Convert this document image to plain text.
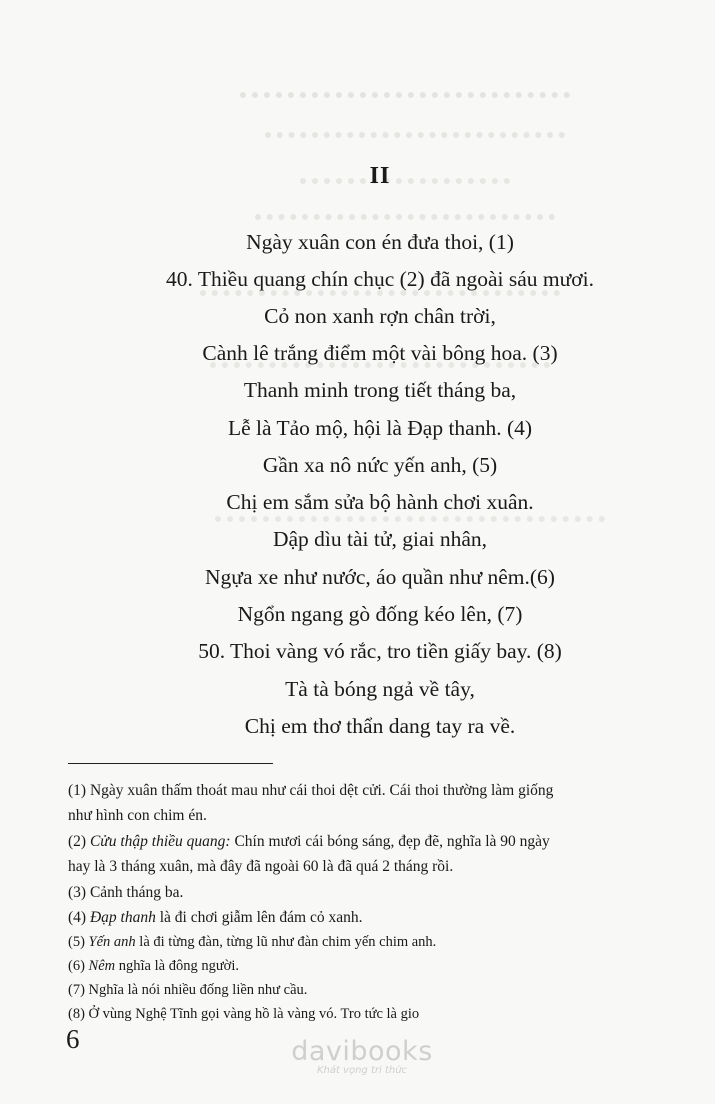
II
Ngày xuân con én đưa thoi, (1)
40. Thiều quang chín chục (2) đã ngoài sáu mươi.
Cỏ non xanh rợn chân trời,
Cành lê trắng điểm một vài bông hoa. (3)
Thanh minh trong tiết tháng ba,
Lễ là Tảo mộ, hội là Đạp thanh. (4)
Gần xa nô nức yến anh, (5)
Chị em sắm sửa bộ hành chơi xuân.
Dập dìu tài tử, giai nhân,
Ngựa xe như nước, áo quần như nêm.(6)
Ngổn ngang gò đống kéo lên, (7)
50. Thoi vàng vó rắc, tro tiền giấy bay. (8)
Tà tà bóng ngả về tây,
Chị em thơ thẩn dang tay ra về.
(1) Ngày xuân thấm thoát mau như cái thoi dệt cửi. Cái thoi thường làm giống
như hình con chim én.
(2) Cửu thập thiều quang: Chín mươi cái bóng sáng, đẹp đẽ, nghĩa là 90 ngày
hay là 3 tháng xuân, mà đây đã ngoài 60 là đã quá 2 tháng rồi.
(3) Cảnh tháng ba.
(4) Đạp thanh là đi chơi giẫm lên đám cỏ xanh.
(5) Yến anh là đi từng đàn, từng lũ như đàn chim yến chim anh.
(6) Nêm nghĩa là đông người.
(7) Nghĩa là nói nhiều đống liền như cầu.
(8) Ở vùng Nghệ Tĩnh gọi vàng hồ là vàng vó. Tro tức là gio
6	davibooks
Khát vọng tri thức
